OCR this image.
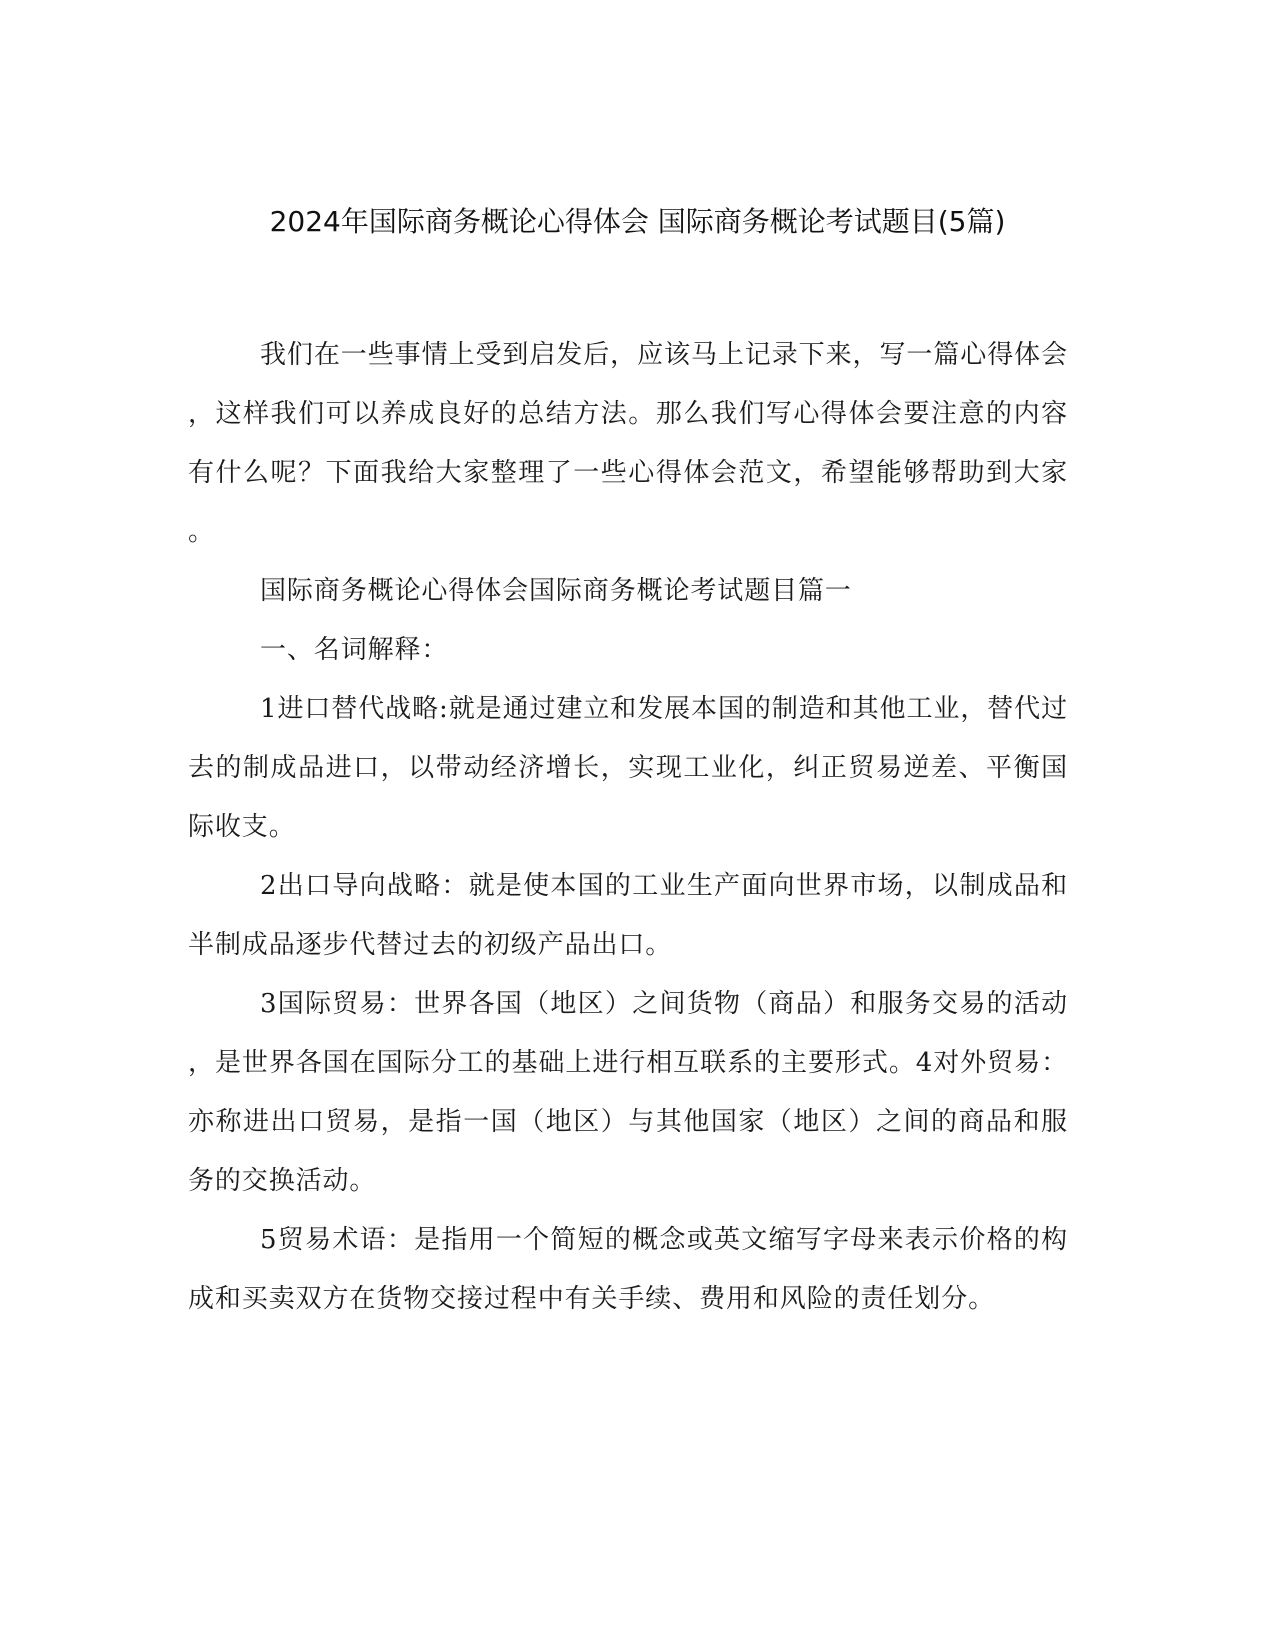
2024年国际商务概论心得体会 国际商务概论考试题目(5篇)

我们在一些事情上受到启发后，应该马上记录下来，写一篇心得体会，这样我们可以养成良好的总结方法。那么我们写心得体会要注意的内容有什么呢？下面我给大家整理了一些心得体会范文，希望能够帮助到大家。

国际商务概论心得体会国际商务概论考试题目篇一

一、名词解释：

1进口替代战略:就是通过建立和发展本国的制造和其他工业，替代过去的制成品进口，以带动经济增长，实现工业化，纠正贸易逆差、平衡国际收支。

2出口导向战略：就是使本国的工业生产面向世界市场，以制成品和半制成品逐步代替过去的初级产品出口。

3国际贸易：世界各国（地区）之间货物（商品）和服务交易的活动，是世界各国在国际分工的基础上进行相互联系的主要形式。4对外贸易：亦称进出口贸易，是指一国（地区）与其他国家（地区）之间的商品和服务的交换活动。

5贸易术语：是指用一个简短的概念或英文缩写字母来表示价格的构成和买卖双方在货物交接过程中有关手续、费用和风险的责任划分。
